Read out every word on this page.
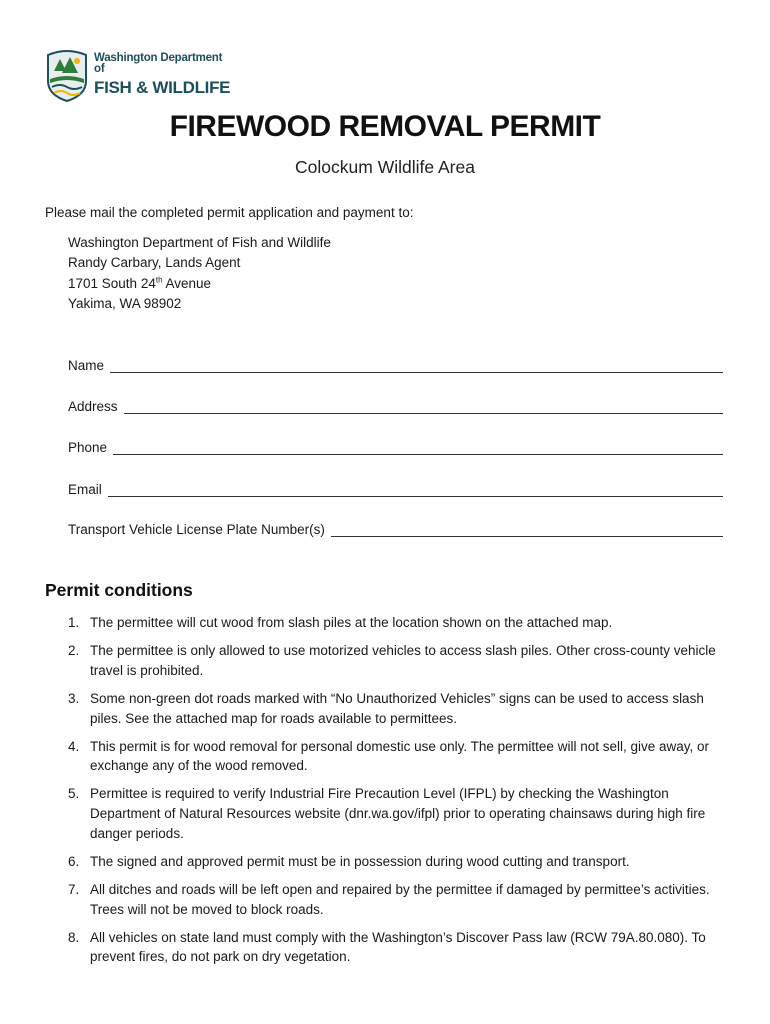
Washington Department of
FISH & WILDLIFE
FIREWOOD REMOVAL PERMIT
Colockum Wildlife Area

Please mail the completed permit application and payment to:

Washington Department of Fish and Wildlife
Randy Carbary, Lands Agent
1701 South 24th Avenue
Yakima, WA 98902
Name
Address
Phone
Email
Transport Vehicle License Plate Number(s)
Permit conditions
1. The permittee will cut wood from slash piles at the location shown on the attached map.
2. The permittee is only allowed to use motorized vehicles to access slash piles. Other cross-county vehicle travel is prohibited.
3. Some non-green dot roads marked with “No Unauthorized Vehicles” signs can be used to access slash piles. See the attached map for roads available to permittees.
4. This permit is for wood removal for personal domestic use only. The permittee will not sell, give away, or exchange any of the wood removed.
5. Permittee is required to verify Industrial Fire Precaution Level (IFPL) by checking the Washington Department of Natural Resources website (dnr.wa.gov/ifpl) prior to operating chainsaws during high fire danger periods.
6. The signed and approved permit must be in possession during wood cutting and transport.
7. All ditches and roads will be left open and repaired by the permittee if damaged by permittee’s activities. Trees will not be moved to block roads.
8. All vehicles on state land must comply with the Washington’s Discover Pass law (RCW 79A.80.080). To prevent fires, do not park on dry vegetation.
